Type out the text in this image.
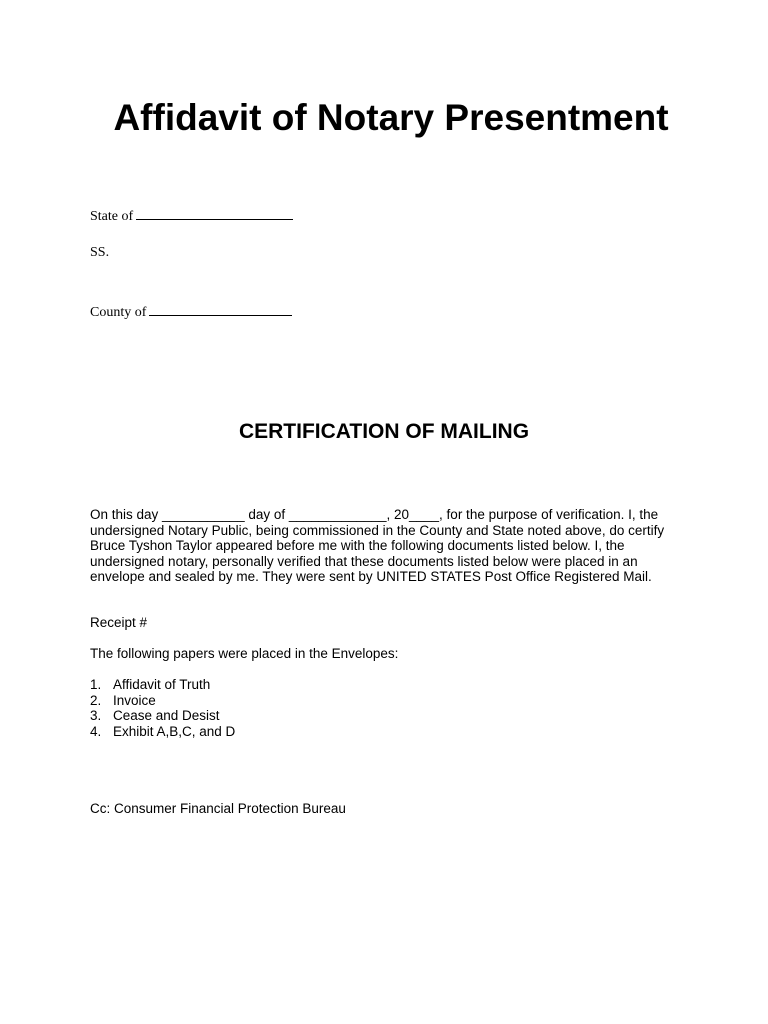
Affidavit of Notary Presentment
State of
SS.
County of
CERTIFICATION OF MAILING

On this day ___________ day of _____________, 20____, for the purpose of verification. I, the undersigned Notary Public, being commissioned in the County and State noted above, do certify Bruce Tyshon Taylor appeared before me with the following documents listed below. I, the undersigned notary, personally verified that these documents listed below were placed in an envelope and sealed by me. They were sent by UNITED STATES Post Office Registered Mail.

Receipt #

The following papers were placed in the Envelopes:

1. Affidavit of Truth
2. Invoice
3. Cease and Desist
4. Exhibit A,B,C, and D

Cc: Consumer Financial Protection Bureau
